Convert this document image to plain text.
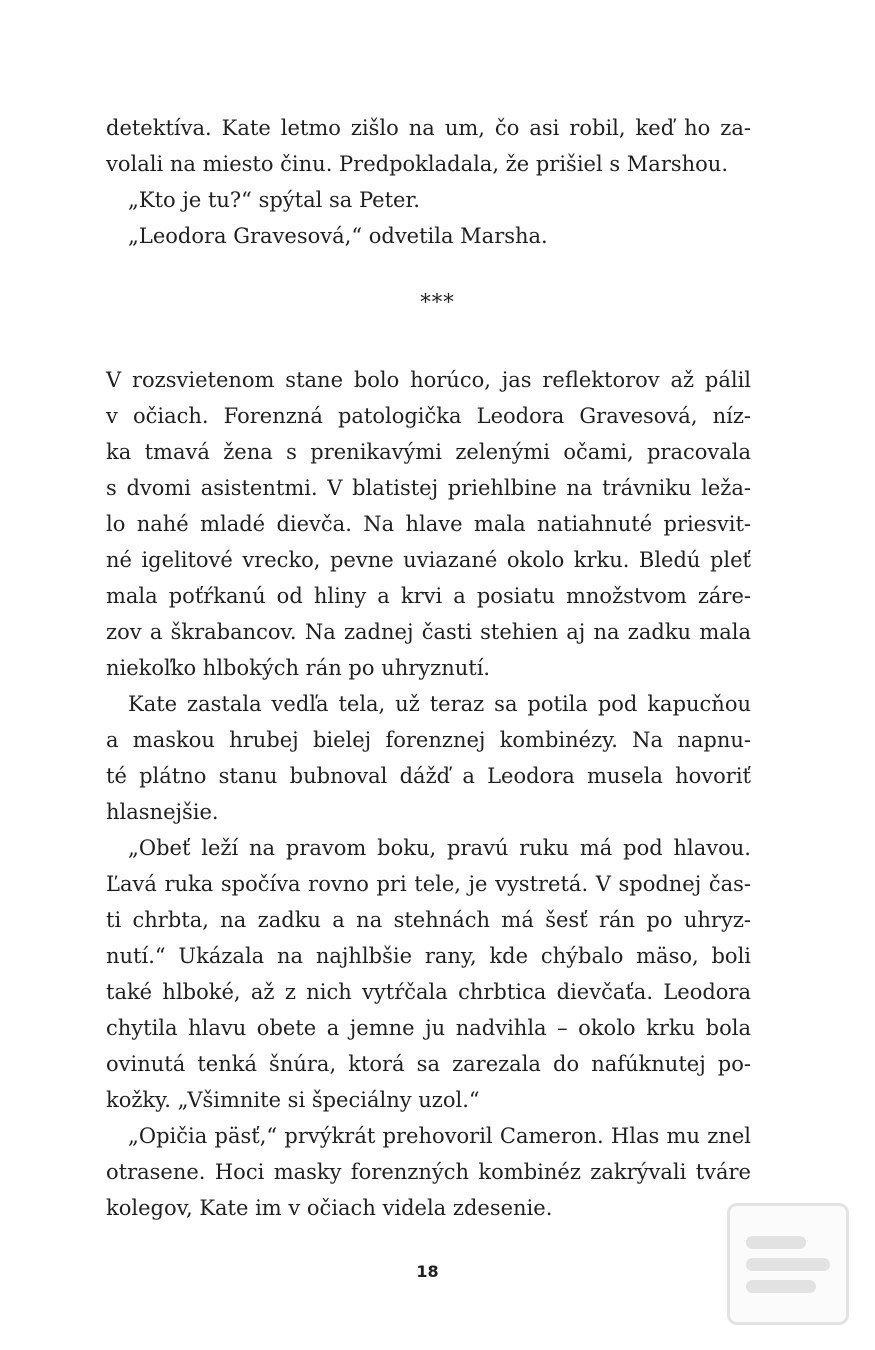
detektíva. Kate letmo zišlo na um, čo asi robil, keď ho za-
volali na miesto činu. Predpokladala, že prišiel s Marshou.
„Kto je tu?“ spýtal sa Peter.
„Leodora Gravesová,“ odvetila Marsha.
***
V rozsvietenom stane bolo horúco, jas reflektorov až pálil
v očiach. Forenzná patologička Leodora Gravesová, níz-
ka tmavá žena s prenikavými zelenými očami, pracovala
s dvomi asistentmi. V blatistej priehlbine na trávniku leža-
lo nahé mladé dievča. Na hlave mala natiahnuté priesvit-
né igelitové vrecko, pevne uviazané okolo krku. Bledú pleť
mala poťŕkanú od hliny a krvi a posiatu množstvom záre-
zov a škrabancov. Na zadnej časti stehien aj na zadku mala
niekoľko hlbokých rán po uhryznutí.
Kate zastala vedľa tela, už teraz sa potila pod kapucňou
a maskou hrubej bielej forenznej kombinézy. Na napnu-
té plátno stanu bubnoval dážď a Leodora musela hovoriť
hlasnejšie.
„Obeť leží na pravom boku, pravú ruku má pod hlavou.
Ľavá ruka spočíva rovno pri tele, je vystretá. V spodnej čas-
ti chrbta, na zadku a na stehnách má šesť rán po uhryz-
nutí.“ Ukázala na najhlbšie rany, kde chýbalo mäso, boli
také hlboké, až z nich vytŕčala chrbtica dievčaťa. Leodora
chytila hlavu obete a jemne ju nadvihla – okolo krku bola
ovinutá tenká šnúra, ktorá sa zarezala do nafúknutej po-
kožky. „Všimnite si špeciálny uzol.“
„Opičia päsť,“ prvýkrát prehovoril Cameron. Hlas mu znel
otrasene. Hoci masky forenzných kombinéz zakrývali tváre
kolegov, Kate im v očiach videla zdesenie.
18
